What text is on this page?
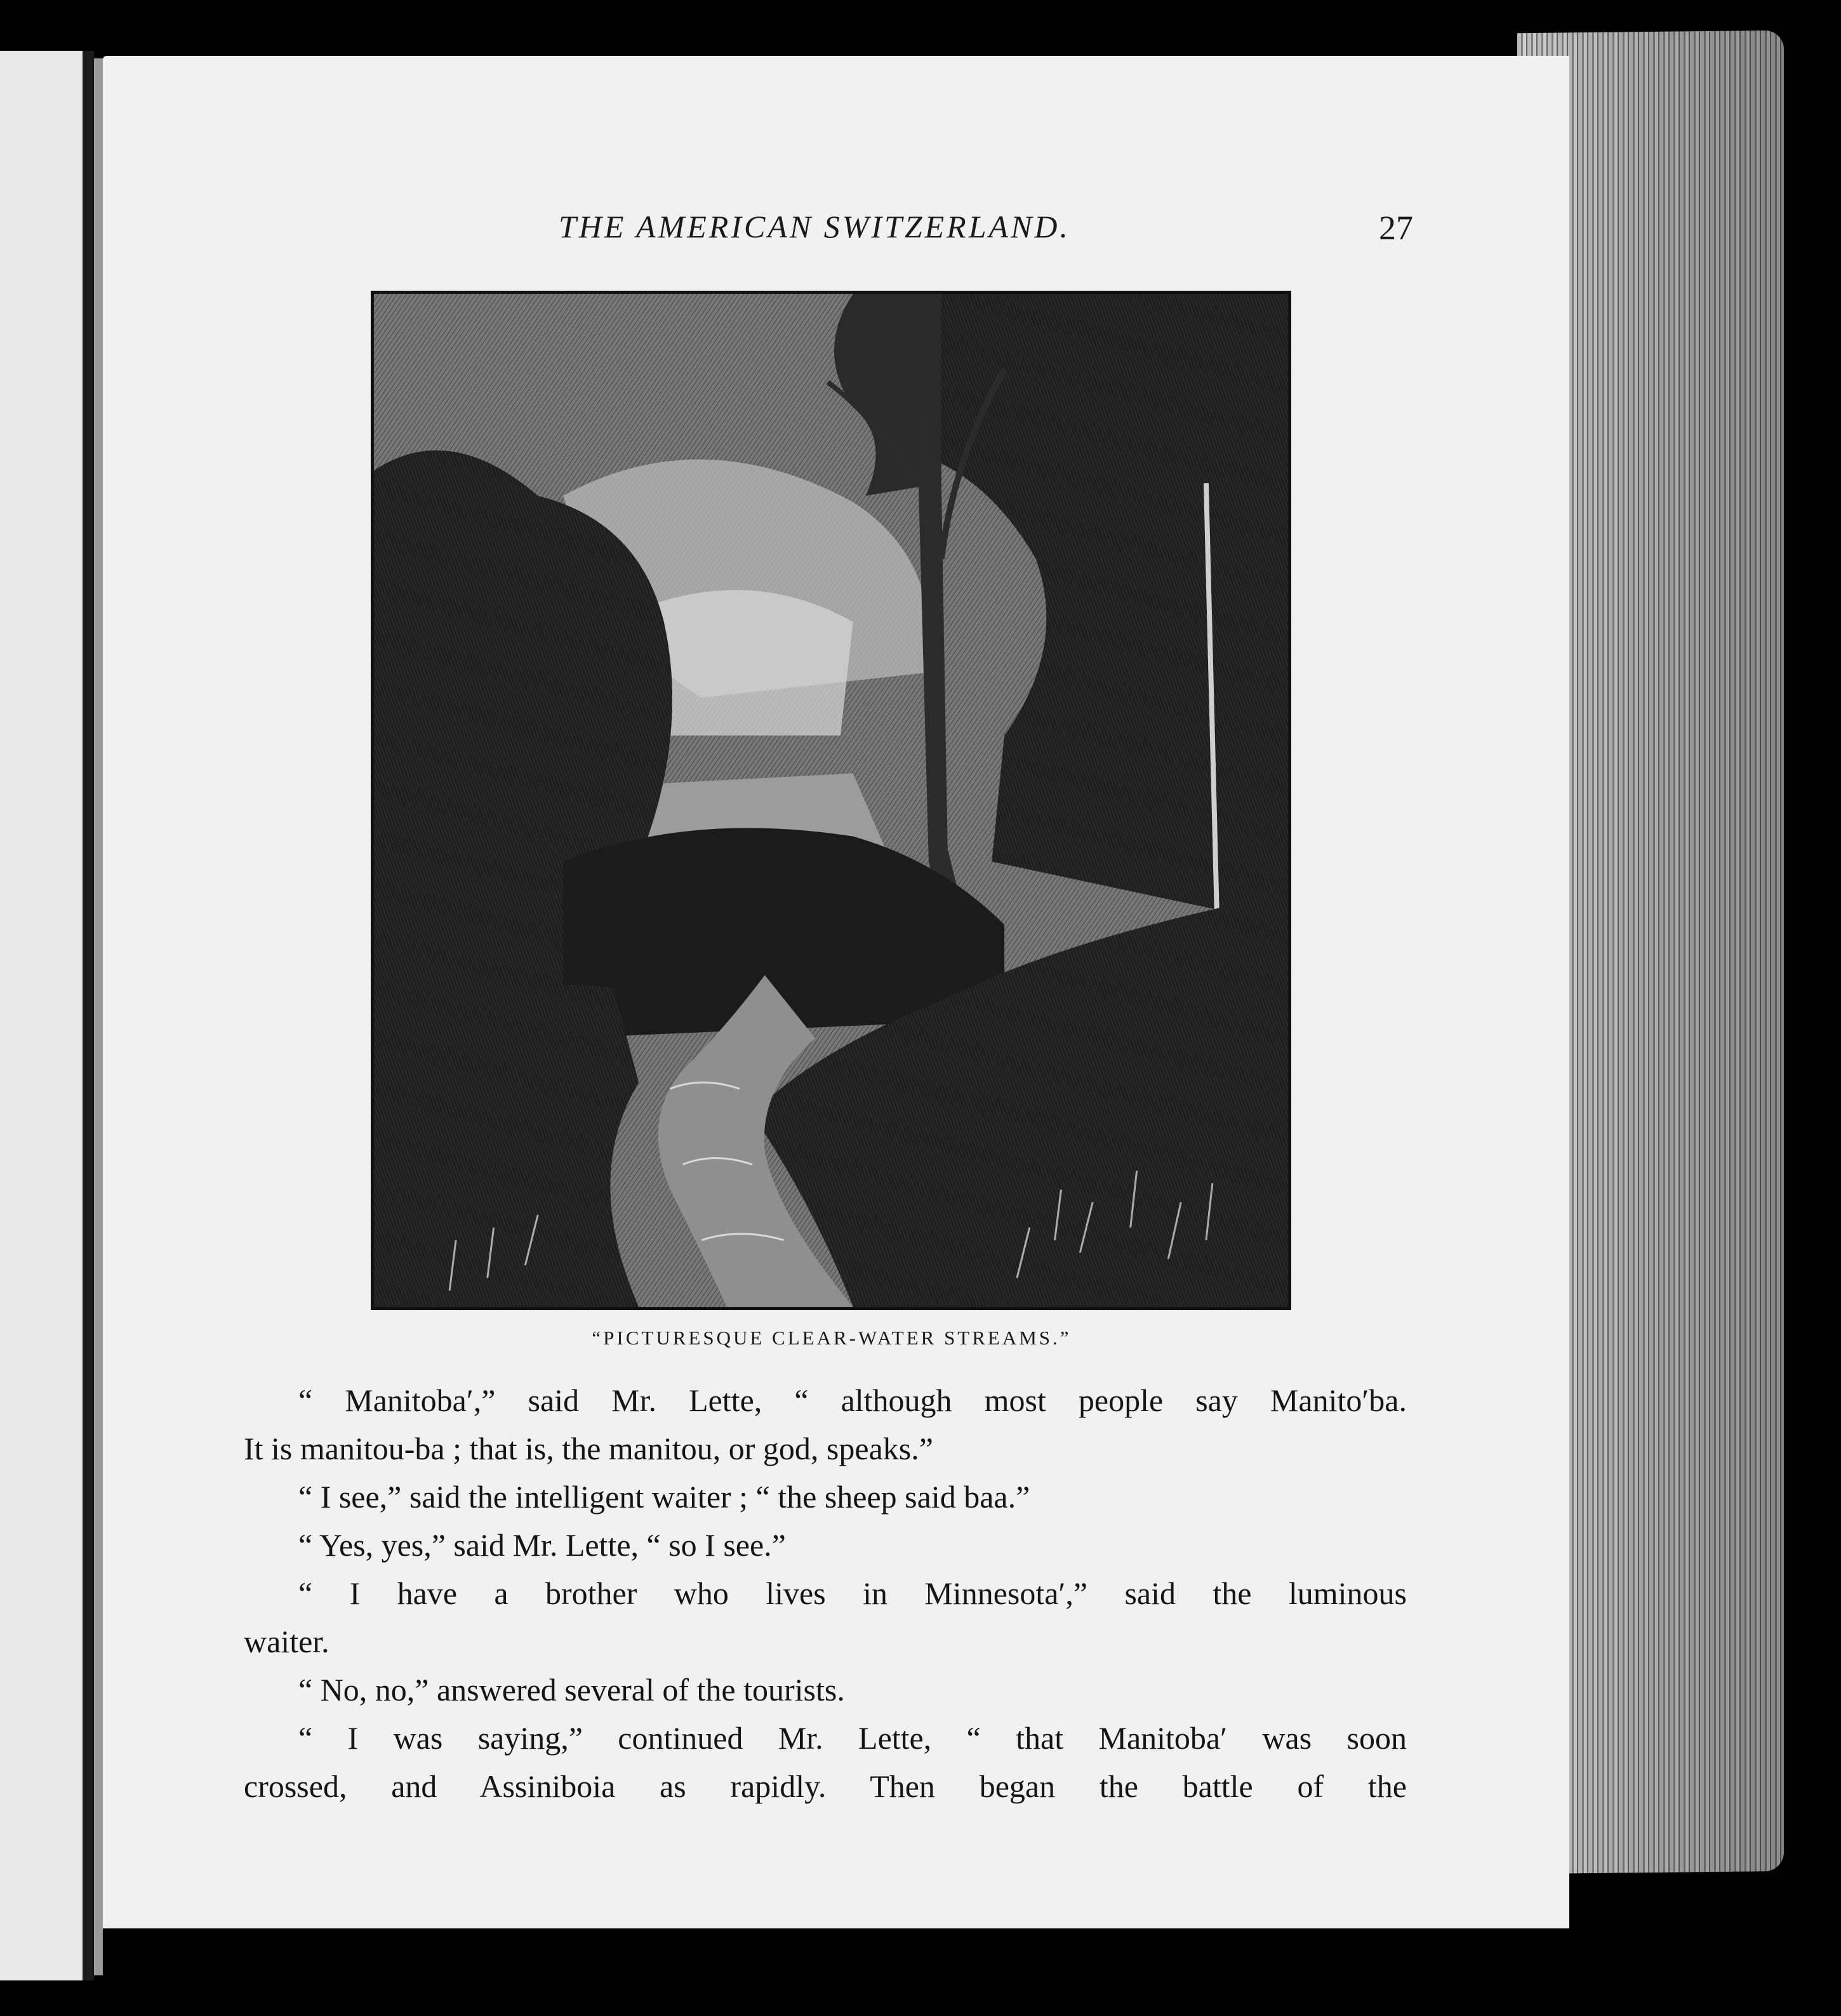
THE AMERICAN SWITZERLAND.	27
“PICTURESQUE CLEAR-WATER STREAMS.”
“ Manitoba′,” said Mr. Lette, “ although most people say Manito′ba.
It is manitou-ba ; that is, the manitou, or god, speaks.”
“ I see,” said the intelligent waiter ; “ the sheep said baa.”
“ Yes, yes,” said Mr. Lette, “ so I see.”
“ I have a brother who lives in Minnesota′,” said the luminous
waiter.
“ No, no,” answered several of the tourists.
“ I was saying,” continued Mr. Lette, “ that Manitoba′ was soon
crossed, and Assiniboia as rapidly. Then began the battle of the
